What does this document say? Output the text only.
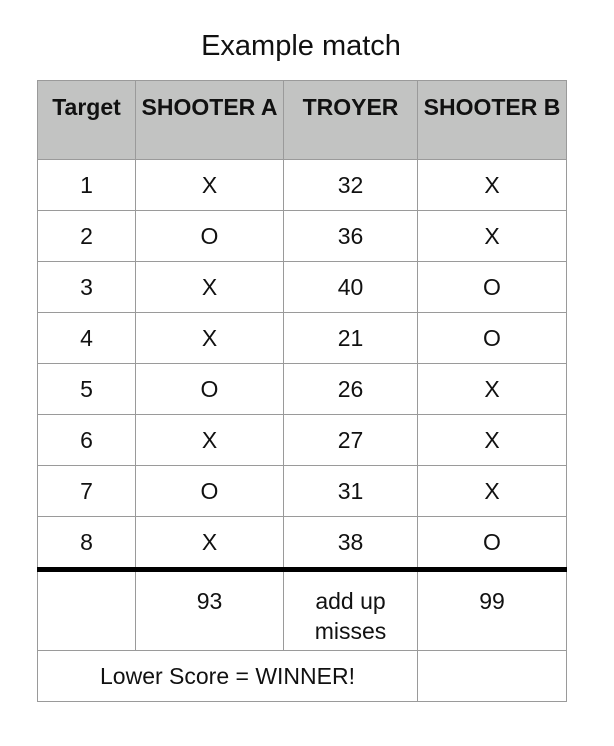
Example match
Target	SHOOTER A	TROYER	SHOOTER B
1	X	32	X
2	O	36	X
3	X	40	O
4	X	21	O
5	O	26	X
6	X	27	X
7	O	31	X
8	X	38	O
	93	add up misses	99
Lower Score = WINNER!			
